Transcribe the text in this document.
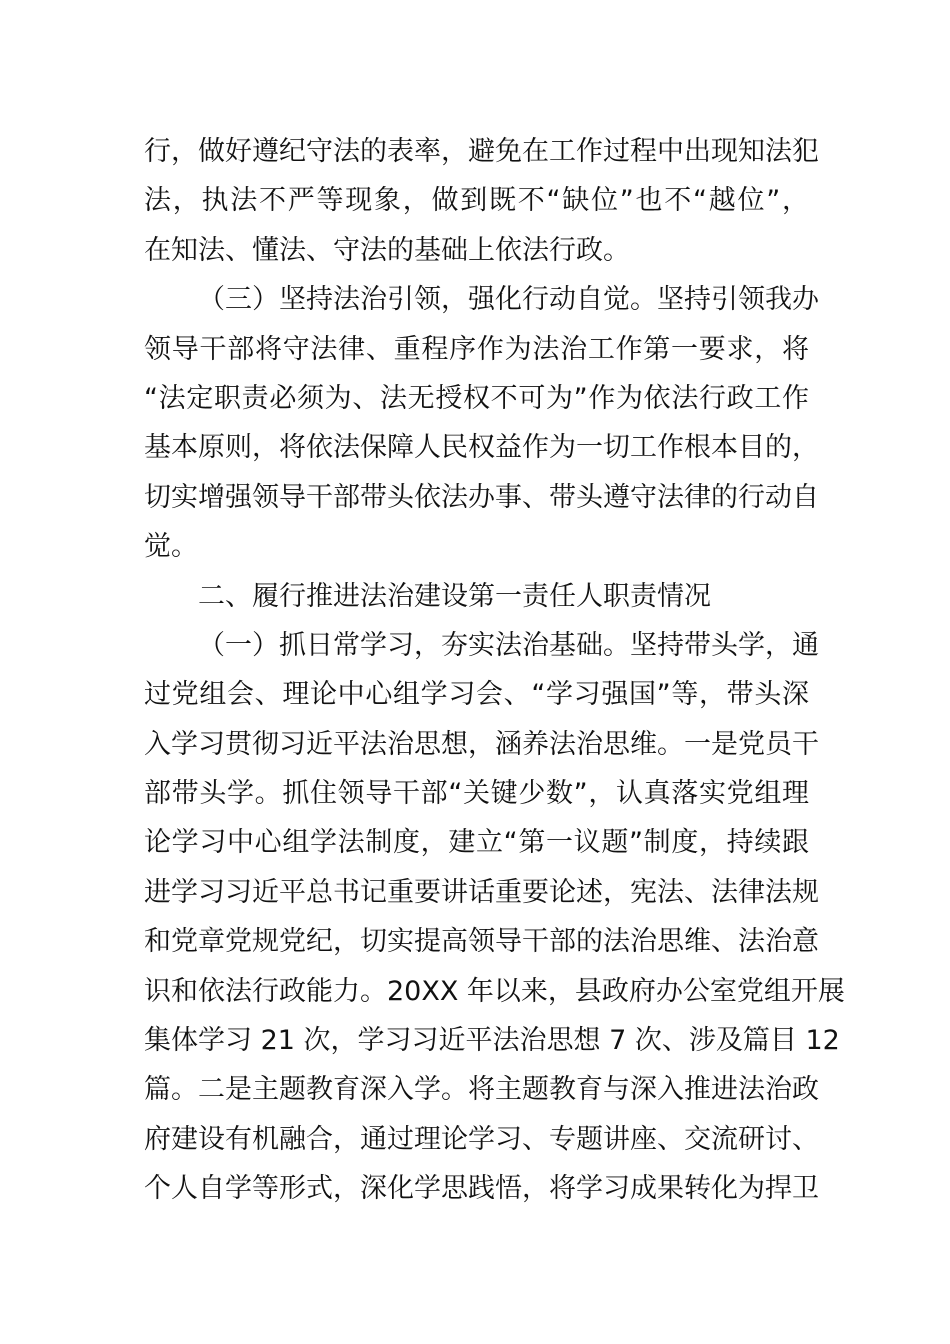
行，做好遵纪守法的表率，避免在工作过程中出现知法犯
法，执法不严等现象，做到既不“缺位”也不“越位”，
在知法、懂法、守法的基础上依法行政。
（三）坚持法治引领，强化行动自觉。坚持引领我办
领导干部将守法律、重程序作为法治工作第一要求，将
“法定职责必须为、法无授权不可为”作为依法行政工作
基本原则，将依法保障人民权益作为一切工作根本目的，
切实增强领导干部带头依法办事、带头遵守法律的行动自
觉。
二、履行推进法治建设第一责任人职责情况
（一）抓日常学习，夯实法治基础。坚持带头学，通
过党组会、理论中心组学习会、“学习强国”等，带头深
入学习贯彻习近平法治思想，涵养法治思维。一是党员干
部带头学。抓住领导干部“关键少数”，认真落实党组理
论学习中心组学法制度，建立“第一议题”制度，持续跟
进学习习近平总书记重要讲话重要论述，宪法、法律法规
和党章党规党纪，切实提高领导干部的法治思维、法治意
识和依法行政能力。20XX 年以来，县政府办公室党组开展
集体学习 21 次，学习习近平法治思想 7 次、涉及篇目 12
篇。二是主题教育深入学。将主题教育与深入推进法治政
府建设有机融合，通过理论学习、专题讲座、交流研讨、
个人自学等形式，深化学思践悟，将学习成果转化为捍卫
